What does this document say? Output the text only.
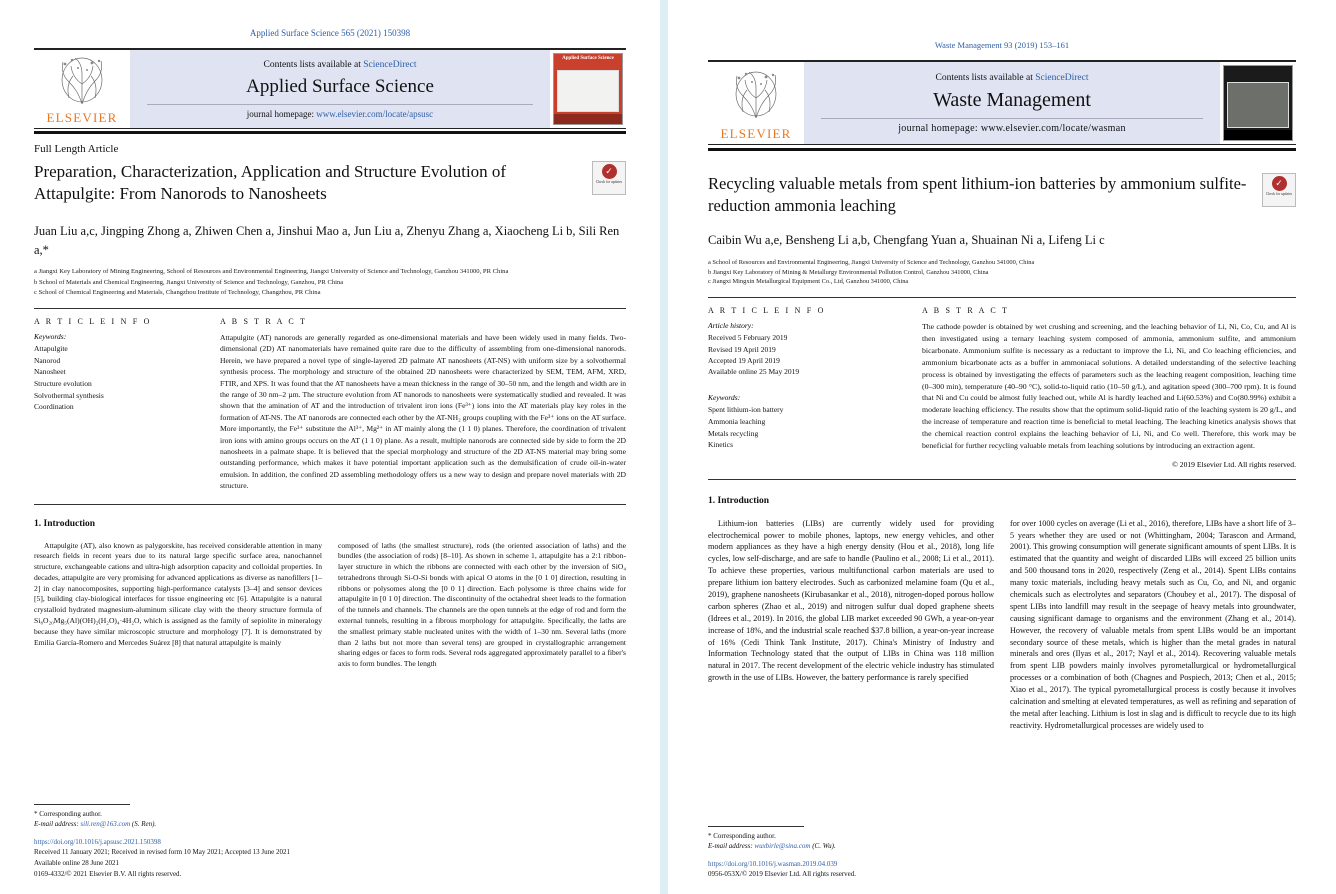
Applied Surface Science 565 (2021) 150398
ELSEVIER
Contents lists available at ScienceDirect
Applied Surface Science
journal homepage: www.elsevier.com/locate/apsusc
Applied Surface Science
Full Length Article
Preparation, Characterization, Application and Structure Evolution of Attapulgite: From Nanorods to Nanosheets
✓
Check for updates
Juan Liu a,c, Jingping Zhong a, Zhiwen Chen a, Jinshui Mao a, Jun Liu a, Zhenyu Zhang a, Xiaocheng Li b, Sili Ren a,*
a Jiangxi Key Laboratory of Mining Engineering, School of Resources and Environmental Engineering, Jiangxi University of Science and Technology, Ganzhou 341000, PR China
b School of Materials and Chemical Engineering, Jiangxi University of Science and Technology, Ganzhou, PR China
c School of Chemical Engineering and Materials, Changzhou Institute of Technology, Changzhou, PR China
A R T I C L E I N F O
Keywords:
Attapulgite
Nanorod
Nanosheet
Structure evolution
Solvothermal synthesis
Coordination
A B S T R A C T
Attapulgite (AT) nanorods are generally regarded as one-dimensional materials and have been widely used in many fields. Two-dimensional (2D) AT nanomaterials have remained quite rare due to the difficulty of assembling from one-dimensional nanorods. Herein, we have prepared a novel type of single-layered 2D palmate AT nanosheets (AT-NS) with uniform size by a solvothermal synthesis process. The morphology and structure of the obtained 2D nanosheets were characterized by SEM, TEM, AFM, XRD, FTIR, and XPS. It was found that the AT nanosheets have a mean thickness in the range of 30–50 nm, and the length and width are in the range of 30 nm–2 µm. The structure evolution from AT nanorods to nanosheets were systematically studied and revealed. It was shown that the amination of AT and the introduction of trivalent iron ions (Fe³⁺) ions into the AT materials play key roles in the formation of AT-NS. The AT nanorods are connected each other by the AT-NH₂ groups coupling with the Fe³⁺ ions on the AT surface. More importantly, the Fe³⁺ substitute the Al³⁺, Mg²⁺ in AT mainly along the (1 1 0) planes. Therefore, the coordination of trivalent iron ions with amino groups occurs on the AT (1 1 0) plane. As a result, multiple nanorods are connected side by side to form the 2D nanosheets in a palmate shape. It is believed that the special morphology and structure of the 2D AT-NS material may bring some outstanding performance, which makes it have potential important application such as the demulsification of crude oil-in-water emulsion. In addition, the confined 2D assembling methodology offers us a new way to design and prepare novel materials with 2D structure.
1. Introduction

Attapulgite (AT), also known as palygorskite, has received considerable attention in many research fields in recent years due to its natural large specific surface area, nanochannel structure, exchangeable cations and ultra-high adsorption capacity and colloidal properties. In decades, attapulgite are very promising for advanced applications as diverse as nanofillers [1–2] in clay nanocomposites, supporting high-performance catalysts [3–4] and sensor devices [5], building clay-biological interfaces for tissue engineering etc [6]. Attapulgite is a natural crystalloid hydrated magnesium-aluminum silicate clay with the theory structure formula of Si₈O₂₀Mg₅(Al)(OH)₂(H₂O)₄·4H₂O, which is assigned as the family of sepiolite in mineralogy because they have similar microscopic structure and morphology [7]. It is demonstrated by Emilia García-Romero and Mercedes Suárez [8] that natural attapulgite is mainly

composed of laths (the smallest structure), rods (the oriented association of laths) and the bundles (the association of rods) [8–10]. As shown in scheme 1, attapulgite has a 2:1 ribbon-layer structure in which the ribbons are connected with each other by the inversion of SiO₄ tetrahedrons through Si-O-Si bonds with apical O atoms in the [0 1 0] direction, resulting in ribbons or polysomes along the [0 0 1] direction. Each polysome is three chains wide for attapulgite in [0 1 0] direction. The discontinuity of the octahedral sheet leads to the formation of the tunnels and channels. The channels are the open tunnels at the edge of rod and form the external tunnels, resulting in a fibrous morphology for attapulgite. Specifically, the laths are the smallest primary stable nucleated unites with the width of 1–30 nm. Several laths (more than 2 laths but not more than several tens) are grouped in crystallographic arrangement sharing edges or faces to form rods. Several rods aggregated approximately parallel to a fiber's axis to form bundles. The length

* Corresponding author.
E-mail address: sili.ren@163.com (S. Ren).
https://doi.org/10.1016/j.apsusc.2021.150398
Received 11 January 2021; Received in revised form 10 May 2021; Accepted 13 June 2021
Available online 28 June 2021
0169-4332/© 2021 Elsevier B.V. All rights reserved.
Waste Management 93 (2019) 153–161
ELSEVIER
Contents lists available at ScienceDirect
Waste Management
journal homepage: www.elsevier.com/locate/wasman
Recycling valuable metals from spent lithium-ion batteries by ammonium sulfite-reduction ammonia leaching
✓
Check for updates
Caibin Wu a,e, Bensheng Li a,b, Chengfang Yuan a, Shuainan Ni a, Lifeng Li c
a School of Resources and Environmental Engineering, Jiangxi University of Science and Technology, Ganzhou 341000, China
b Jiangxi Key Laboratory of Mining & Metallurgy Environmental Pollution Control, Ganzhou 341000, China
c Jiangxi Mingxin Metallurgical Equipment Co., Ltd, Ganzhou 341000, China
A R T I C L E I N F O
Article history:
Received 5 February 2019
Revised 19 April 2019
Accepted 19 April 2019
Available online 25 May 2019
Keywords:
Spent lithium-ion battery
Ammonia leaching
Metals recycling
Kinetics
A B S T R A C T
The cathode powder is obtained by wet crushing and screening, and the leaching behavior of Li, Ni, Co, Cu, and Al is then investigated using a ternary leaching system composed of ammonia, ammonium sulfite, and ammonium bicarbonate. Ammonium sulfite is necessary as a reductant to improve the Li, Ni, and Co leaching efficiencies, and ammonium bicarbonate acts as a buffer in ammoniacal solutions. A detailed understanding of the selective leaching process is obtained by investigating the effects of parameters such as the leaching reagent composition, leaching time (0–300 min), temperature (40–90 °C), solid-to-liquid ratio (10–50 g/L), and agitation speed (300–700 rpm). It is found that Ni and Cu could be almost fully leached out, while Al is hardly leached and Li(60.53%) and Co(80.99%) exhibit a moderate leaching efficiency. The results show that the optimum solid-liquid ratio of the leaching system is 20 g/L, and the increase of temperature and reaction time is beneficial to metal leaching. The leaching kinetics analysis shows that the chemical reaction control explains the leaching behavior of Li, Ni, and Co well. Therefore, this work may be beneficial for further recycling valuable metals from leaching solutions by introducing an extraction agent.
© 2019 Elsevier Ltd. All rights reserved.
1. Introduction

Lithium-ion batteries (LIBs) are currently widely used for providing electrochemical power to mobile phones, laptops, new energy vehicles, and other modern appliances as they have a high energy density (Hou et al., 2018), long life cycles, low self-discharge, and are safe to handle (Paulino et al., 2008; Li et al., 2011). To achieve these properties, various multifunctional carbon materials are used to prepare lithium ion battery electrodes. Such as carbonized melamine foam (Qu et al., 2019), graphene nanosheets (Kirubasankar et al., 2018), nitrogen-doped porous hollow carbon spheres (Zhao et al., 2019) and nitrogen sulfur dual doped graphene sheets (Idrees et al., 2019). In 2016, the global LIB market exceeded 90 GWh, a year-on-year increase of 18%, and the industrial scale reached $37.8 billion, a year-on-year increase of 16% (Cedi Think Tank Institute, 2017). China's Ministry of Industry and Information Technology stated that the output of LIBs in China was 118 million natural in 2017. The recent development of the electric vehicle industry has stimulated growth in the use of LIBs. However, the battery performance is rarely specified

for over 1000 cycles on average (Li et al., 2016), therefore, LIBs have a short life of 3–5 years whether they are used or not (Whittingham, 2004; Tarascon and Armand, 2001). This growing consumption will generate significant amounts of spent LIBs. It is estimated that the quantity and weight of discarded LIBs will exceed 25 billion units and 500 thousand tons in 2020, respectively (Zeng et al., 2014). Spent LIBs contains many toxic materials, including heavy metals such as Cu, Co, and Ni, and organic chemicals such as electrolytes and separators (Choubey et al., 2017). The disposal of spent LIBs into landfill may result in the seepage of heavy metals into groundwater, causing significant damage to organisms and the environment (Zhang et al., 2014). However, the recovery of valuable metals from spent LIBs would be an important secondary source of these metals, which is higher than the metal grades in natural minerals and ores (Ilyas et al., 2017; Nayl et al., 2014). Recovering valuable metals from spent LIB powders mainly involves pyrometallurgical or hydrometallurgical processes or a combination of both (Chagnes and Pospiech, 2013; Chen et al., 2015; Xiao et al., 2017). The typical pyrometallurgical process is costly because it involves calcination and smelting at elevated temperatures, as well as refining and separation of the metal after leaching. Lithium is lost in slag and is difficult to recycle due to its high reactivity. Hydrometallurgical processes are widely used to

* Corresponding author.
E-mail address: wuxbirle@sina.com (C. Wu).
https://doi.org/10.1016/j.wasman.2019.04.039
0956-053X/© 2019 Elsevier Ltd. All rights reserved.
